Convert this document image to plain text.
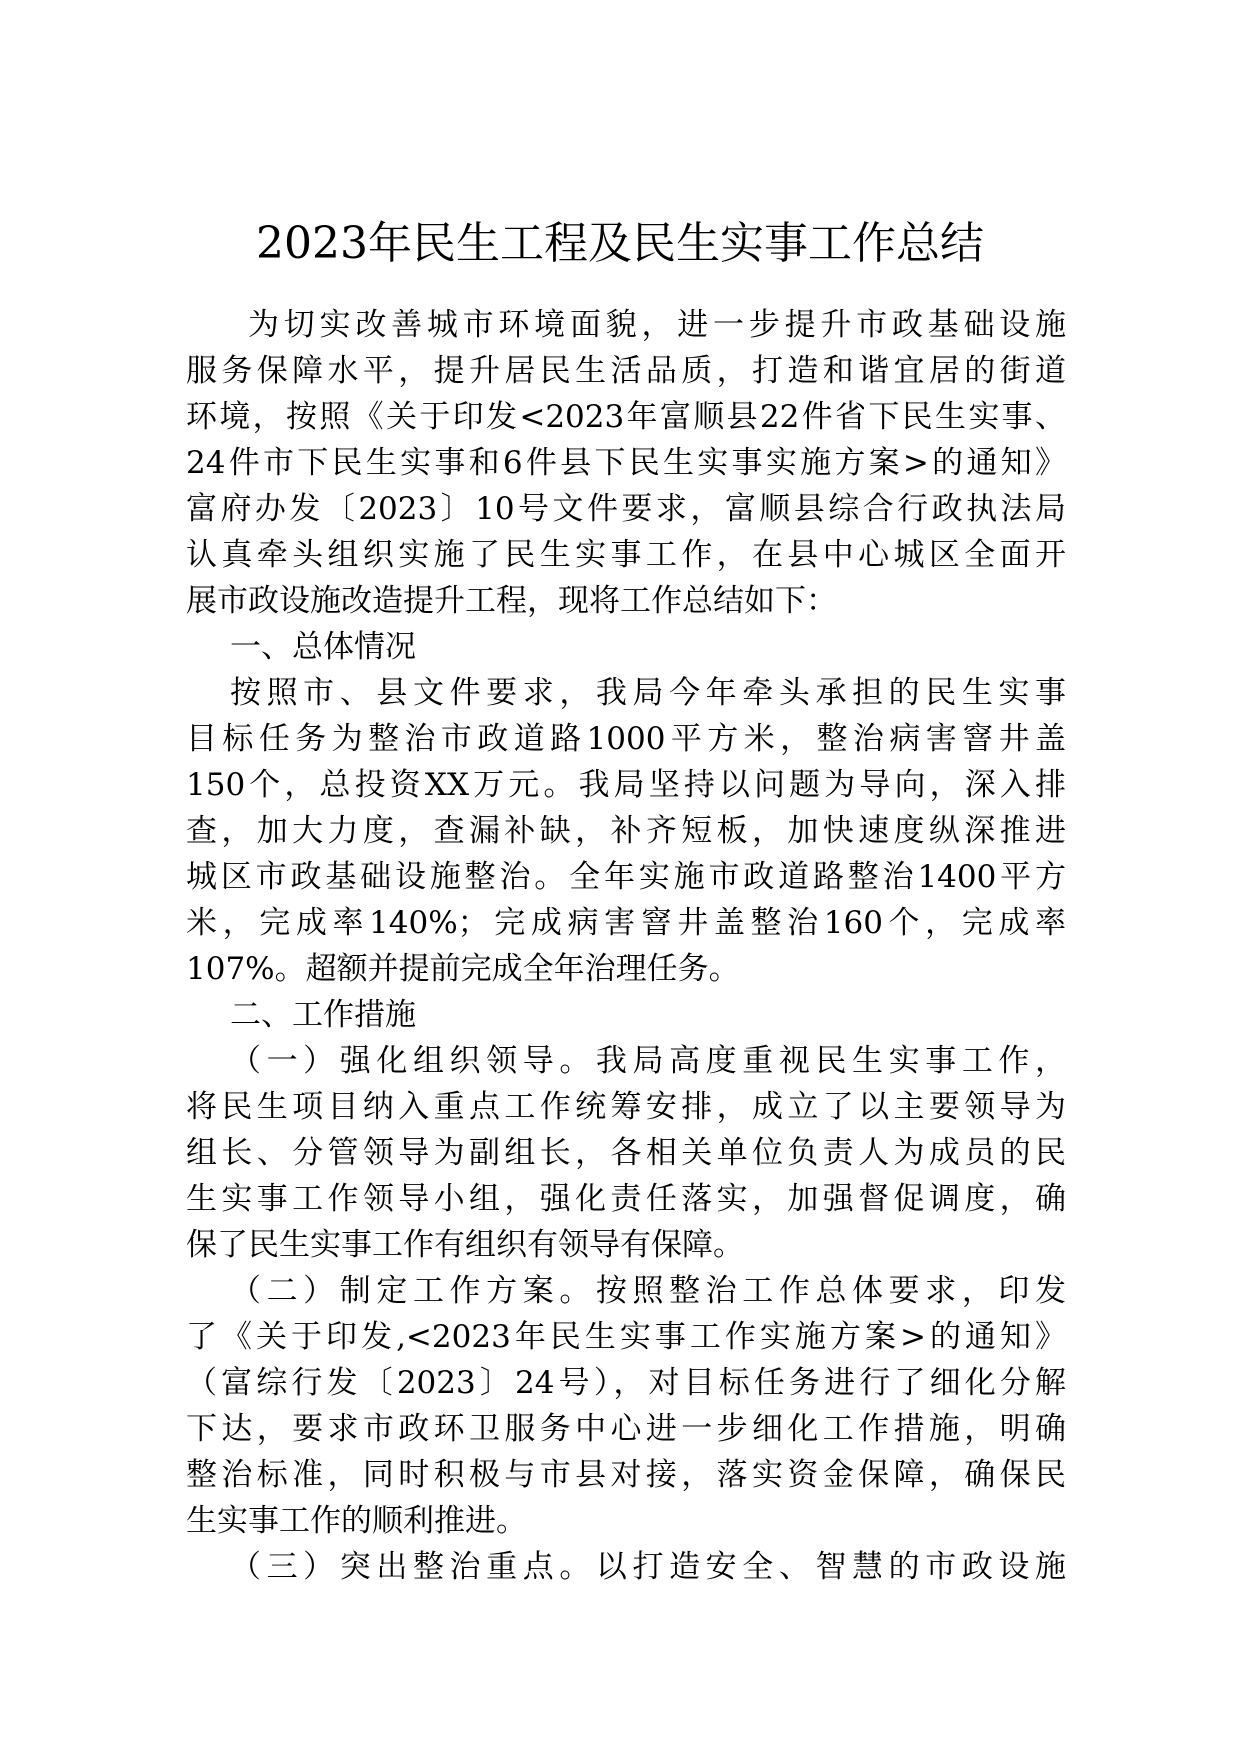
2023年民生工程及民生实事工作总结
为切实改善城市环境面貌，进一步提升市政基础设施
服务保障水平，提升居民生活品质，打造和谐宜居的街道
环境，按照《关于印发<2023年富顺县22件省下民生实事、
24件市下民生实事和6件县下民生实事实施方案>的通知》
富府办发〔2023〕10号文件要求，富顺县综合行政执法局
认真牵头组织实施了民生实事工作，在县中心城区全面开
展市政设施改造提升工程，现将工作总结如下：
一、总体情况
按照市、县文件要求，我局今年牵头承担的民生实事
目标任务为整治市政道路1000平方米，整治病害窨井盖
150个，总投资XX万元。我局坚持以问题为导向，深入排
查，加大力度，查漏补缺，补齐短板，加快速度纵深推进
城区市政基础设施整治。全年实施市政道路整治1400平方
米，完成率140%；完成病害窨井盖整治160个，完成率
107%。超额并提前完成全年治理任务。
二、工作措施
（一）强化组织领导。我局高度重视民生实事工作，
将民生项目纳入重点工作统筹安排，成立了以主要领导为
组长、分管领导为副组长，各相关单位负责人为成员的民
生实事工作领导小组，强化责任落实，加强督促调度，确
保了民生实事工作有组织有领导有保障。
（二）制定工作方案。按照整治工作总体要求，印发
了《关于印发,<2023年民生实事工作实施方案>的通知》
（富综行发〔2023〕24号），对目标任务进行了细化分解
下达，要求市政环卫服务中心进一步细化工作措施，明确
整治标准，同时积极与市县对接，落实资金保障，确保民
生实事工作的顺利推进。
（三）突出整治重点。以打造安全、智慧的市政设施
